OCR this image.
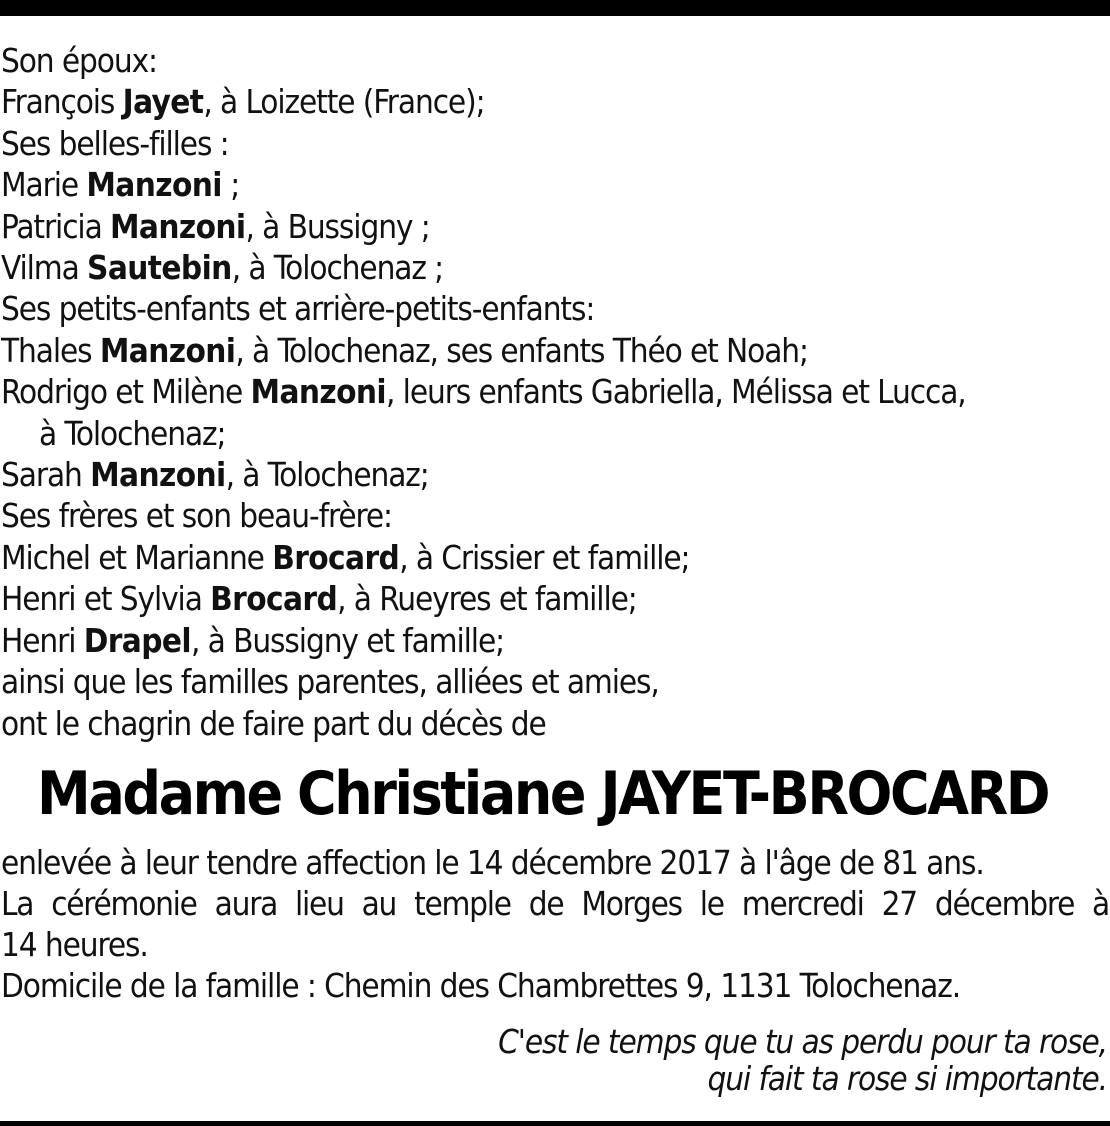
Son époux:
François Jayet, à Loizette (France);
Ses belles-filles :
Marie Manzoni ;
Patricia Manzoni, à Bussigny ;
Vilma Sautebin, à Tolochenaz ;
Ses petits-enfants et arrière-petits-enfants:
Thales Manzoni, à Tolochenaz, ses enfants Théo et Noah;
Rodrigo et Milène Manzoni, leurs enfants Gabriella, Mélissa et Lucca,
à Tolochenaz;
Sarah Manzoni, à Tolochenaz;
Ses frères et son beau-frère:
Michel et Marianne Brocard, à Crissier et famille;
Henri et Sylvia Brocard, à Rueyres et famille;
Henri Drapel, à Bussigny et famille;
ainsi que les familles parentes, alliées et amies,
ont le chagrin de faire part du décès de
Madame Christiane JAYET-BROCARD
enlevée à leur tendre affection le 14 décembre 2017 à l'âge de 81 ans.
La cérémonie aura lieu au temple de Morges le mercredi 27 décembre à
14 heures.
Domicile de la famille : Chemin des Chambrettes 9, 1131 Tolochenaz.
C'est le temps que tu as perdu pour ta rose,
qui fait ta rose si importante.
